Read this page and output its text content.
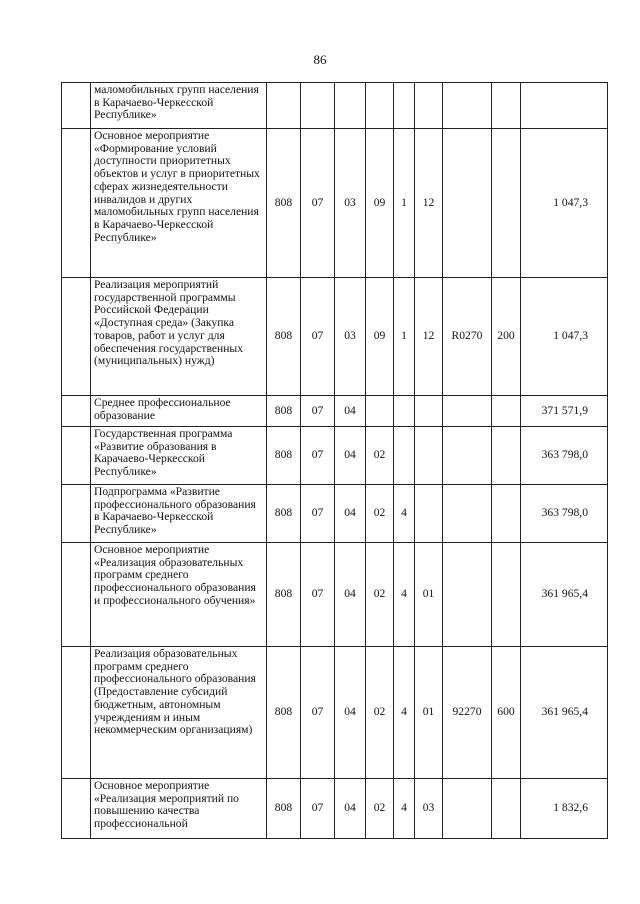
86
	маломобильных групп населения в Карачаево-Черкесской Республике»									
	Основное мероприятие «Формирование условий доступности приоритетных объектов и услуг в приоритетных сферах жизнедеятельности инвалидов и других маломобильных групп населения в Карачаево-Черкесской Республике»	808	07	03	09	1	12			1 047,3
	Реализация мероприятий государственной программы Российской Федерации «Доступная среда» (Закупка товаров, работ и услуг для обеспечения государственных (муниципальных) нужд)	808	07	03	09	1	12	R0270	200	1 047,3
	Среднее профессиональное образование	808	07	04						371 571,9
	Государственная программа «Развитие образования в Карачаево-Черкесской Республике»	808	07	04	02					363 798,0
	Подпрограмма «Развитие профессионального образования в Карачаево-Черкесской Республике»	808	07	04	02	4				363 798,0
	Основное мероприятие «Реализация образовательных программ среднего профессионального образования и профессионального обучения»	808	07	04	02	4	01			361 965,4
	Реализация образовательных программ среднего профессионального образования (Предоставление субсидий бюджетным, автономным учреждениям и иным некоммерческим организациям)	808	07	04	02	4	01	92270	600	361 965,4
	Основное мероприятие «Реализация мероприятий по повышению качества профессиональной	808	07	04	02	4	03			1 832,6
